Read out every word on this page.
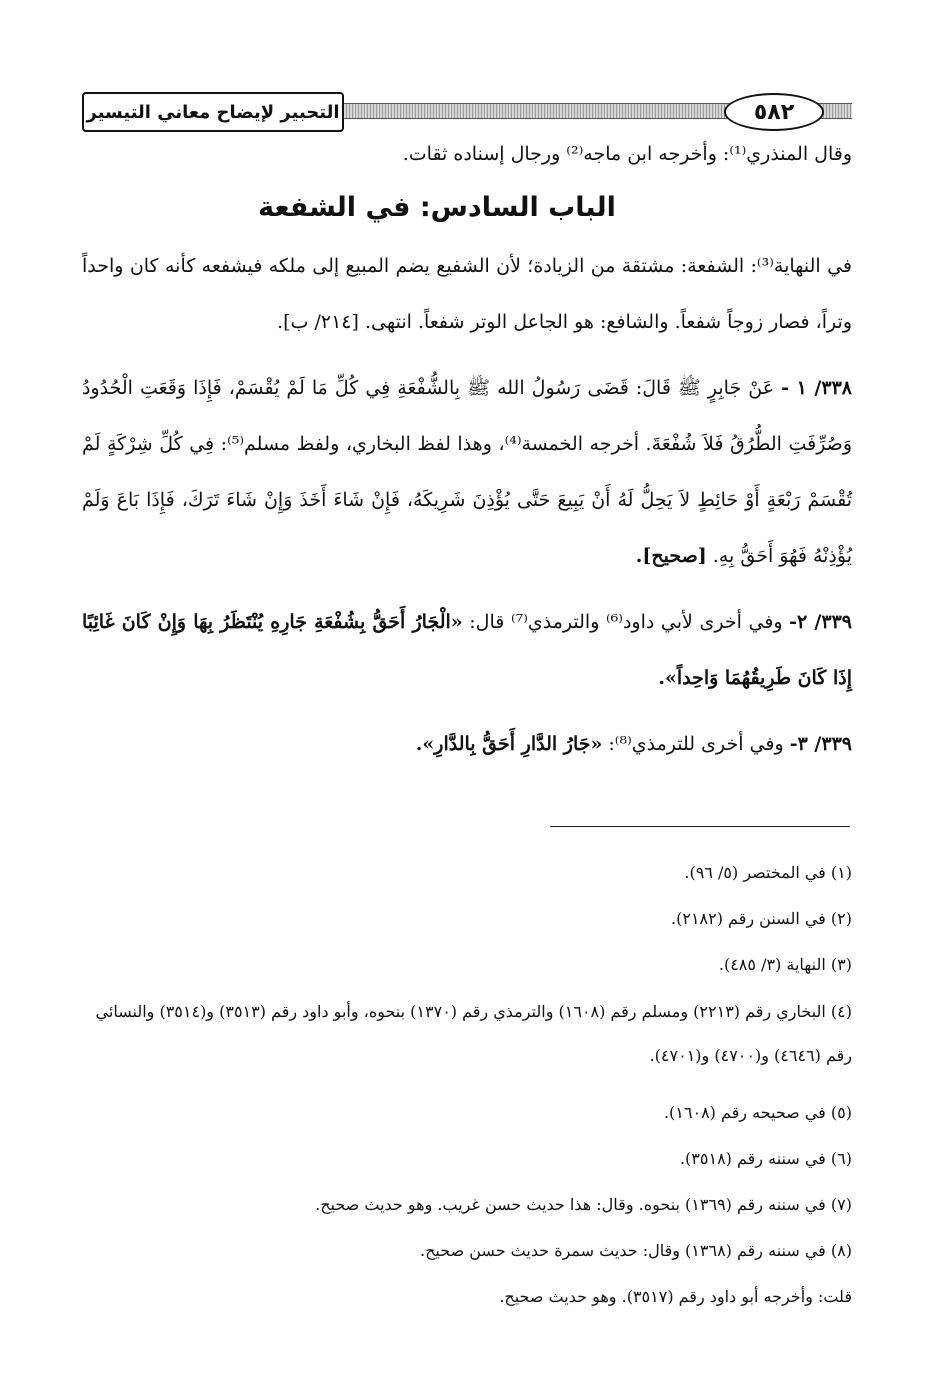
٥٨٢
التحبير لإيضاح معاني التيسير

وقال المنذري⁽¹⁾: وأخرجه ابن ماجه⁽²⁾ ورجال إسناده ثقات.

الباب السادس: في الشفعة

في النهاية⁽³⁾: الشفعة: مشتقة من الزيادة؛ لأن الشفيع يضم المبيع إلى ملكه فيشفعه كأنه كان واحداً وتراً، فصار زوجاً شفعاً. والشافع: هو الجاعل الوتر شفعاً. انتهى. [٢١٤/ ب].

٣٣٨/ ١ - عَنْ جَابِرٍ ﷺ قَالَ: قَضَى رَسُولُ الله ﷺ بِالشُّفْعَةِ فِي كُلِّ مَا لَمْ يُقْسَمْ، فَإِذَا وَقَعَتِ الْحُدُودُ وَصُرِّفَتِ الطُّرُقُ فَلاَ شُفْعَةَ. أخرجه الخمسة⁽⁴⁾، وهذا لفظ البخاري، ولفظ مسلم⁽⁵⁾: فِي كُلِّ شِرْكَةٍ لَمْ تُقْسَمْ رَبْعَةٍ أَوْ حَائِطٍ لاَ يَحِلُّ لَهُ أَنْ يَبِيعَ حَتَّى يُؤْذِنَ شَرِيكَهُ، فَإِنْ شَاءَ أَخَذَ وَإِنْ شَاءَ تَرَكَ، فَإِذَا بَاعَ وَلَمْ يُؤْذِنْهُ فَهُوَ أَحَقُّ بِهِ. [صحيح].

٣٣٩/ ٢- وفي أخرى لأبي داود⁽⁶⁾ والترمذي⁽⁷⁾ قال: «الْجَارُ أَحَقُّ بِشُفْعَةِ جَارِهِ يُنْتَظَرُ بِهَا وَإِنْ كَانَ غَائِبًا إِذَا كَانَ طَرِيقُهُمَا وَاحِداً».

٣٣٩/ ٣- وفي أخرى للترمذي⁽⁸⁾: «جَارُ الدَّارِ أَحَقُّ بِالدَّارِ».

(١) في المختصر (٥/ ٩٦).

(٢) في السنن رقم (٢١٨٢).

(٣) النهاية (٣/ ٤٨٥).

(٤) البخاري رقم (٢٢١٣) ومسلم رقم (١٦٠٨) والترمذي رقم (١٣٧٠) بنحوه، وأبو داود رقم (٣٥١٣) و(٣٥١٤) والنسائي رقم (٤٦٤٦) و(٤٧٠٠) و(٤٧٠١).

(٥) في صحيحه رقم (١٦٠٨).

(٦) في سننه رقم (٣٥١٨).

(٧) في سننه رقم (١٣٦٩) بنحوه. وقال: هذا حديث حسن غريب. وهو حديث صحيح.

(٨) في سننه رقم (١٣٦٨) وقال: حديث سمرة حديث حسن صحيح.

قلت: وأخرجه أبو داود رقم (٣٥١٧). وهو حديث صحيح.
